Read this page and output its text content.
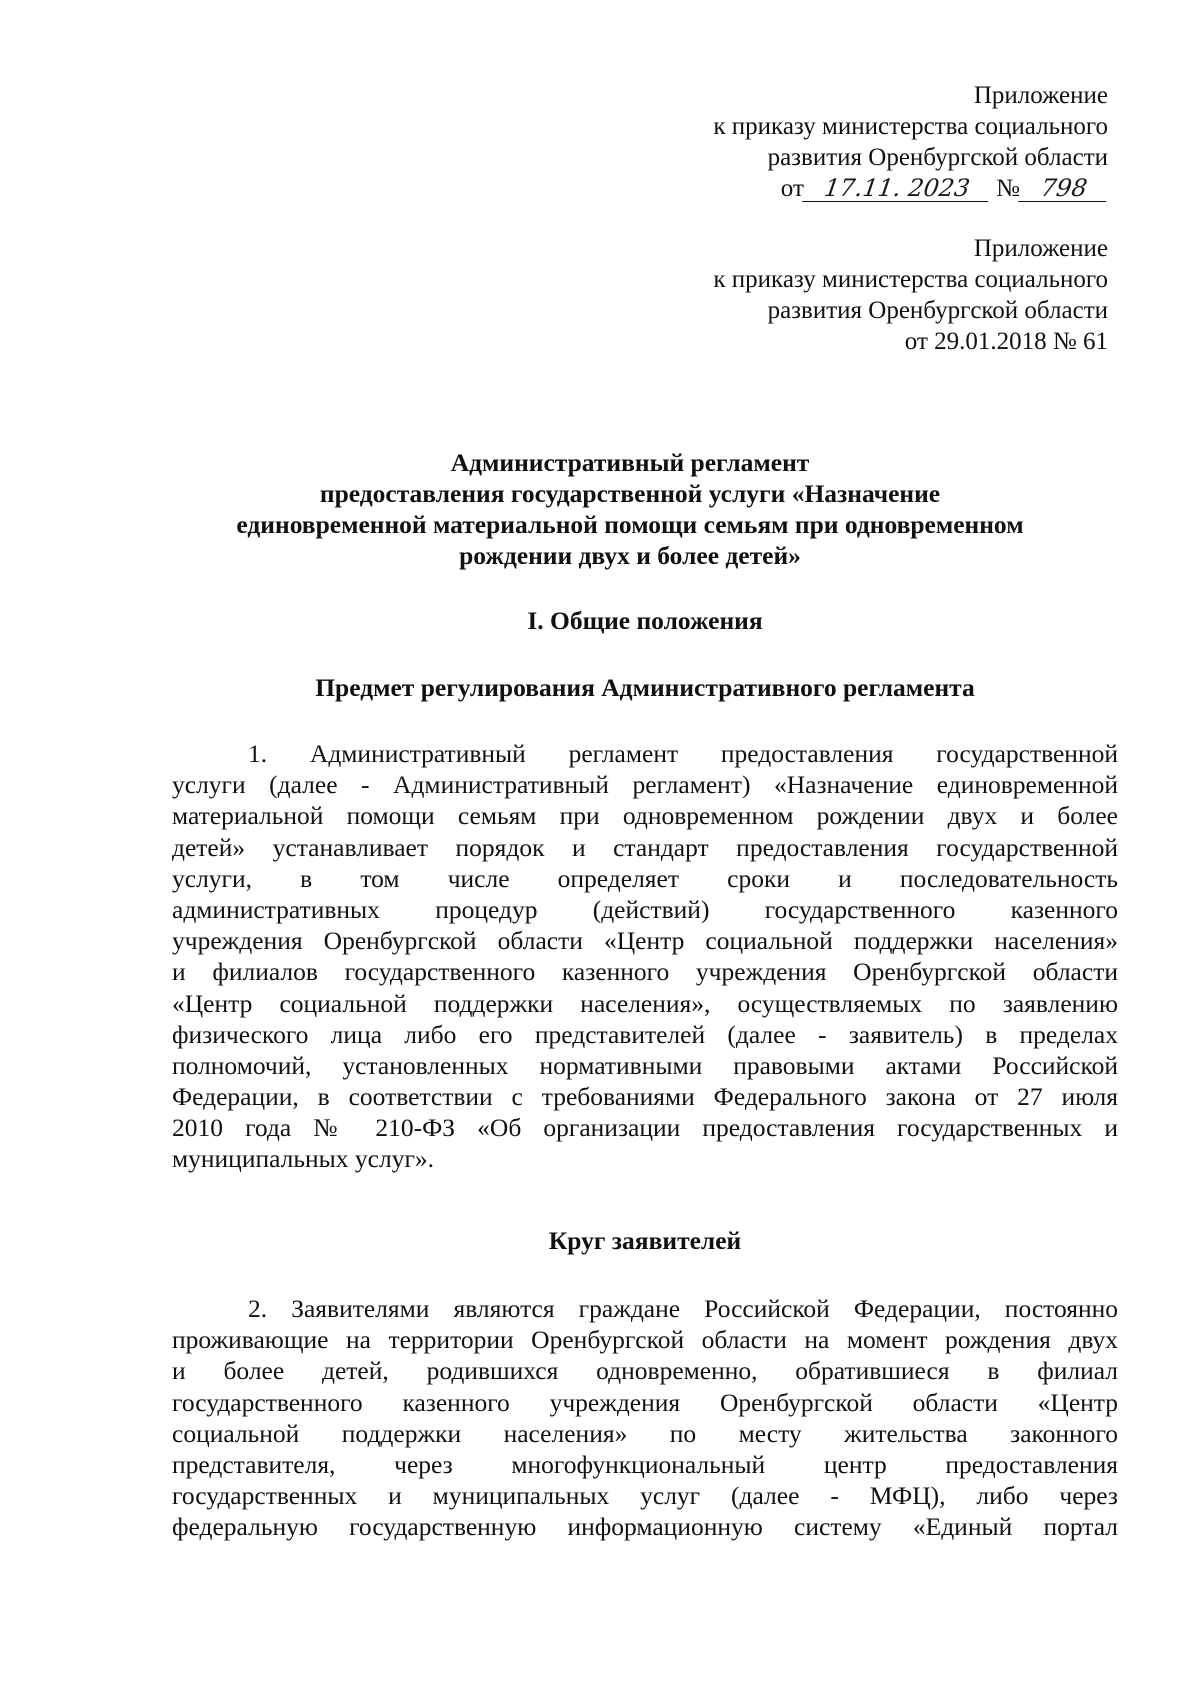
Приложение
к приказу министерства социального
развития Оренбургской области
от 17.11. 2023 № 798
Приложение
к приказу министерства социального
развития Оренбургской области
от 29.01.2018 № 61
Административный регламент
предоставления государственной услуги «Назначение
единовременной материальной помощи семьям при одновременном
рождении двух и более детей»
I. Общие положения
Предмет регулирования Административного регламента
1. Административный регламент предоставления государственной
услуги (далее - Административный регламент) «Назначение единовременной
материальной помощи семьям при одновременном рождении двух и более
детей» устанавливает порядок и стандарт предоставления государственной
услуги, в том числе определяет сроки и последовательность
административных процедур (действий) государственного казенного
учреждения Оренбургской области «Центр социальной поддержки населения»
и филиалов государственного казенного учреждения Оренбургской области
«Центр социальной поддержки населения», осуществляемых по заявлению
физического лица либо его представителей (далее - заявитель) в пределах
полномочий, установленных нормативными правовыми актами Российской
Федерации, в соответствии с требованиями Федерального закона от 27 июля
2010 года № 210-ФЗ «Об организации предоставления государственных и
муниципальных услуг».
Круг заявителей
2. Заявителями являются граждане Российской Федерации, постоянно
проживающие на территории Оренбургской области на момент рождения двух
и более детей, родившихся одновременно, обратившиеся в филиал
государственного казенного учреждения Оренбургской области «Центр
социальной поддержки населения» по месту жительства законного
представителя, через многофункциональный центр предоставления
государственных и муниципальных услуг (далее - МФЦ), либо через
федеральную государственную информационную систему «Единый портал
